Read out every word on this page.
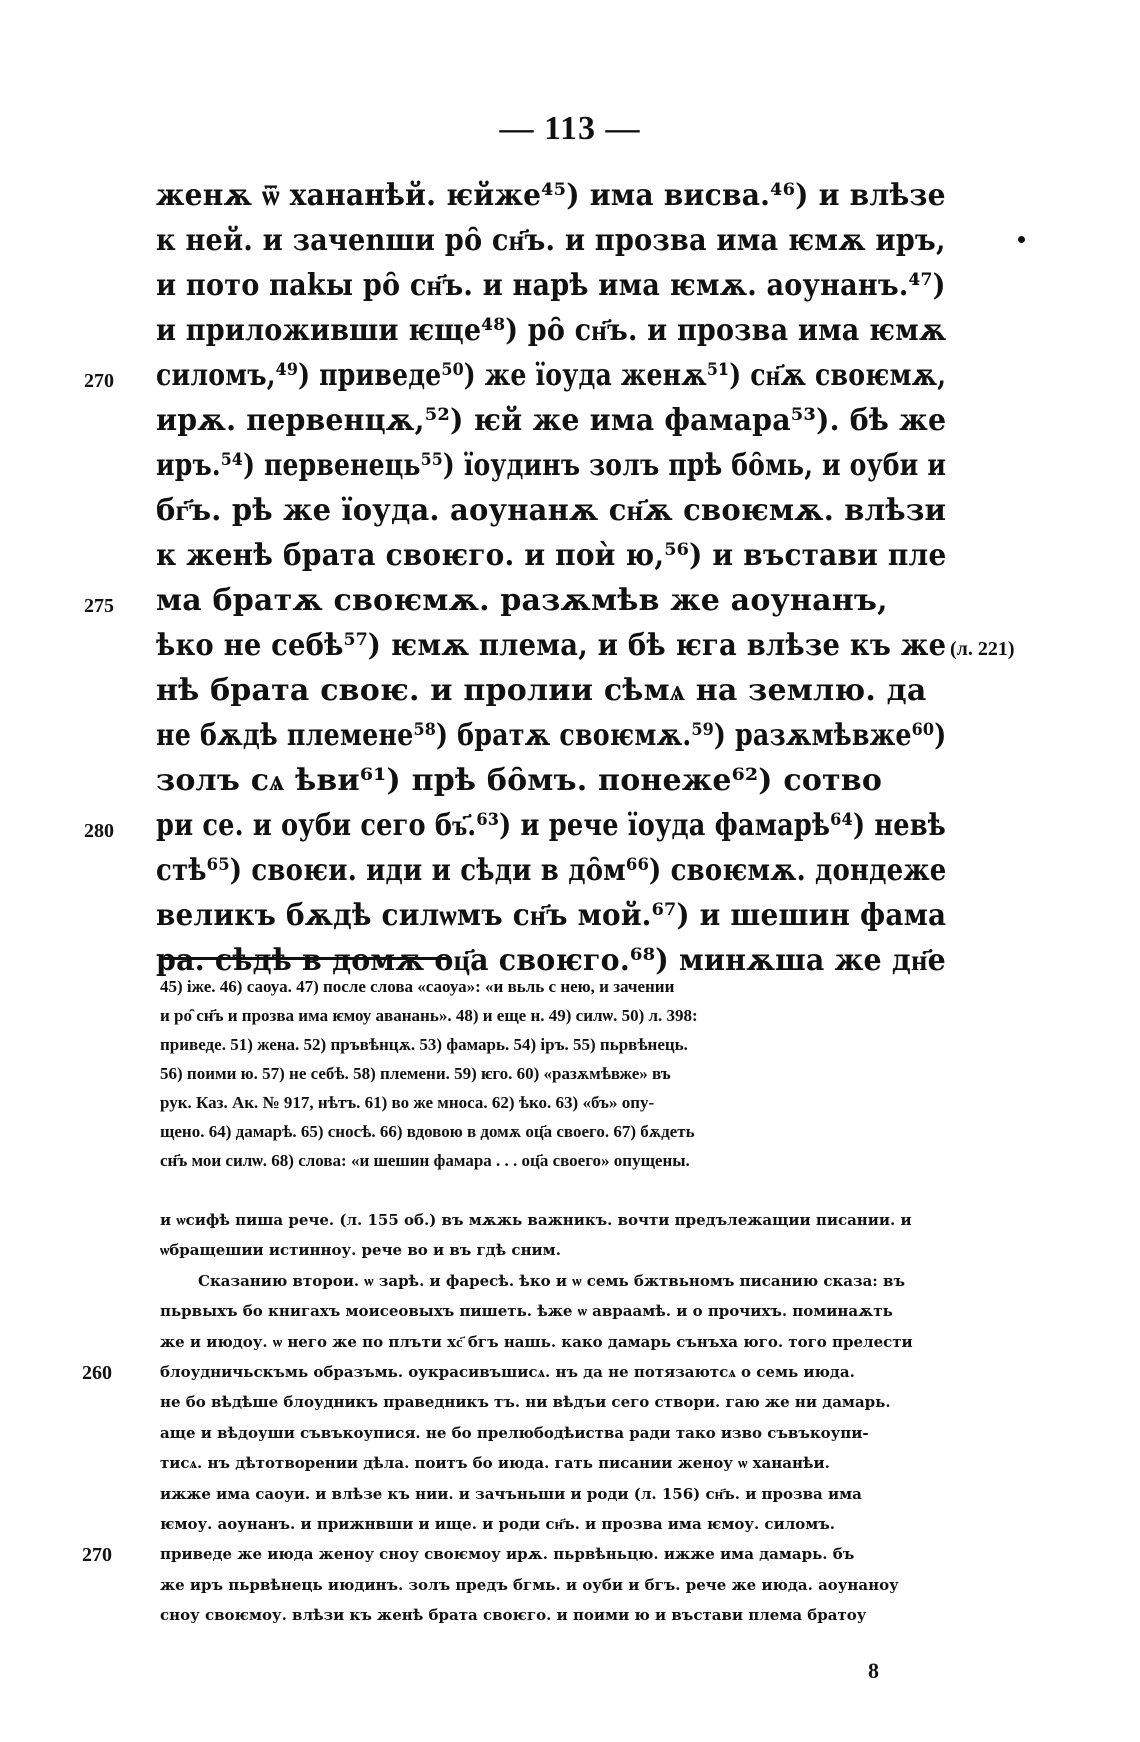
— 113 —
женѫ ѿ хананѣй. ѥйже⁴⁵) има висва.⁴⁶) и влѣзе
к ней. и зачеnши ро̑ сн҃ъ. и прозва има ѥмѫ иръ,
и пото паkы ро̑ сн҃ъ. и нарѣ има ѥмѫ. аоунанъ.⁴⁷)
и приложивши ѥще⁴⁸) ро̑ сн҃ъ. и прозва има ѥмѫ
270	силомъ,⁴⁹) приведе⁵⁰) же їоуда женѫ⁵¹) сн҃ѫ своѥмѫ,
ирѫ. первенцѫ,⁵²) ѥй же има фамара⁵³). бѣ же
иръ.⁵⁴) первенець⁵⁵) їоудинъ золъ прѣ бо̑мь, и оуби и
бг҃ъ. рѣ же їоуда. аоунанѫ сн҃ѫ своѥмѫ. влѣзи
к женѣ брата своѥго. и поѝ ю,⁵⁶) и въстави пле
275	ма братѫ своѥмѫ. разѫмѣв же аоунанъ,
ѣко не себѣ⁵⁷) ѥмѫ плема, и бѣ ѥга влѣзе къ же (л. 221)
нѣ брата своѥ. и пролии сѣмѧ на землю. да
не бѫдѣ племене⁵⁸) братѫ своѥмѫ.⁵⁹) разѫмѣвже⁶⁰)
золъ сѧ ѣви⁶¹) прѣ бо̑мъ. понеже⁶²) сотво
280	ри се. и оуби сего бъ҃.⁶³) и рече їоуда фамарѣ⁶⁴) невѣ
стѣ⁶⁵) своѥи. иди и сѣди в до̑м⁶⁶) своѥмѫ. дондеже
великъ бѫдѣ силѡмъ сн҃ъ мой.⁶⁷) и шешин фама
ра. сѣдѣ в домѫ оц҃а своѥго.⁶⁸) минѫша же дн҃е
45) іже. 46) саоуа. 47) после слова «саоуа»: «и вьль с нею, и зачении
и ро̑ сн҃ъ и прозва има ѥмоу аванань». 48) и еще н. 49) силѡ. 50) л. 398:
приведе. 51) жена. 52) пръвѣнцѫ. 53) фамарь. 54) іръ. 55) пьрвѣнець.
56) поими ю. 57) не себѣ. 58) племени. 59) ѥго. 60) «разѫмѣвже» въ
рук. Каз. Ак. № 917, нѣтъ. 61) во же мноса. 62) ѣко. 63) «бъ» опу-
щено. 64) дамарѣ. 65) сносѣ. 66) вдовою в домѫ оц҃а своего. 67) бѫдеть
сн҃ъ мои силѡ. 68) слова: «и шешин фамара . . . оц҃а своего» опущены.
и ѡсифѣ пиша рече. (л. 155 об.) въ мѫжь важникъ. вочти предълежащии писании. и
ѡбращешии истинноу. рече во и въ гдѣ сним.
Сказанию второи. ѡ зарѣ. и фаресѣ. ѣко и ѡ семь бжтвьномъ писанию сказа: въ
пьрвыхъ бо книгахъ моисеовыхъ пишеть. ѣже ѡ авраамѣ. и о прочихъ. поминаѫть
же и июдоу. ѡ него же по плъти хс҃ бгъ нашь. како дамарь сънъха юго. того прелести
260	блоудничьскъмь образъмь. оукрасивъшисѧ. нъ да не потязаютсѧ о семь июда.
не бо вѣдѣше блоудникъ праведникъ тъ. ни вѣдъи сего створи. гаю же ни дамарь.
аще и вѣдоуши съвъкоупися. не бо прелюбодѣиства ради тако изво съвъкоупи-
тисѧ. нъ дѣтотворении дѣла. поитъ бо июда. гать писании женоу ѡ хананѣи.
ижже има саоуи. и влѣзе къ нии. и зачъньши и роди (л. 156) сн҃ъ. и прозва има
ѥмоу. аоунанъ. и прижнвши и ище. и роди сн҃ъ. и прозва има ѥмоу. силомъ.
270	приведе же июда женоу сноу своѥмоу ирѫ. пьрвѣньцю. ижже има дамарь. бъ
же иръ пьрвѣнець июдинъ. золъ предъ бгмь. и оуби и бгъ. рече же июда. аоунаноу
сноу своѥмоу. влѣзи къ женѣ брата своѥго. и поими ю и въстави плема братоу
8
